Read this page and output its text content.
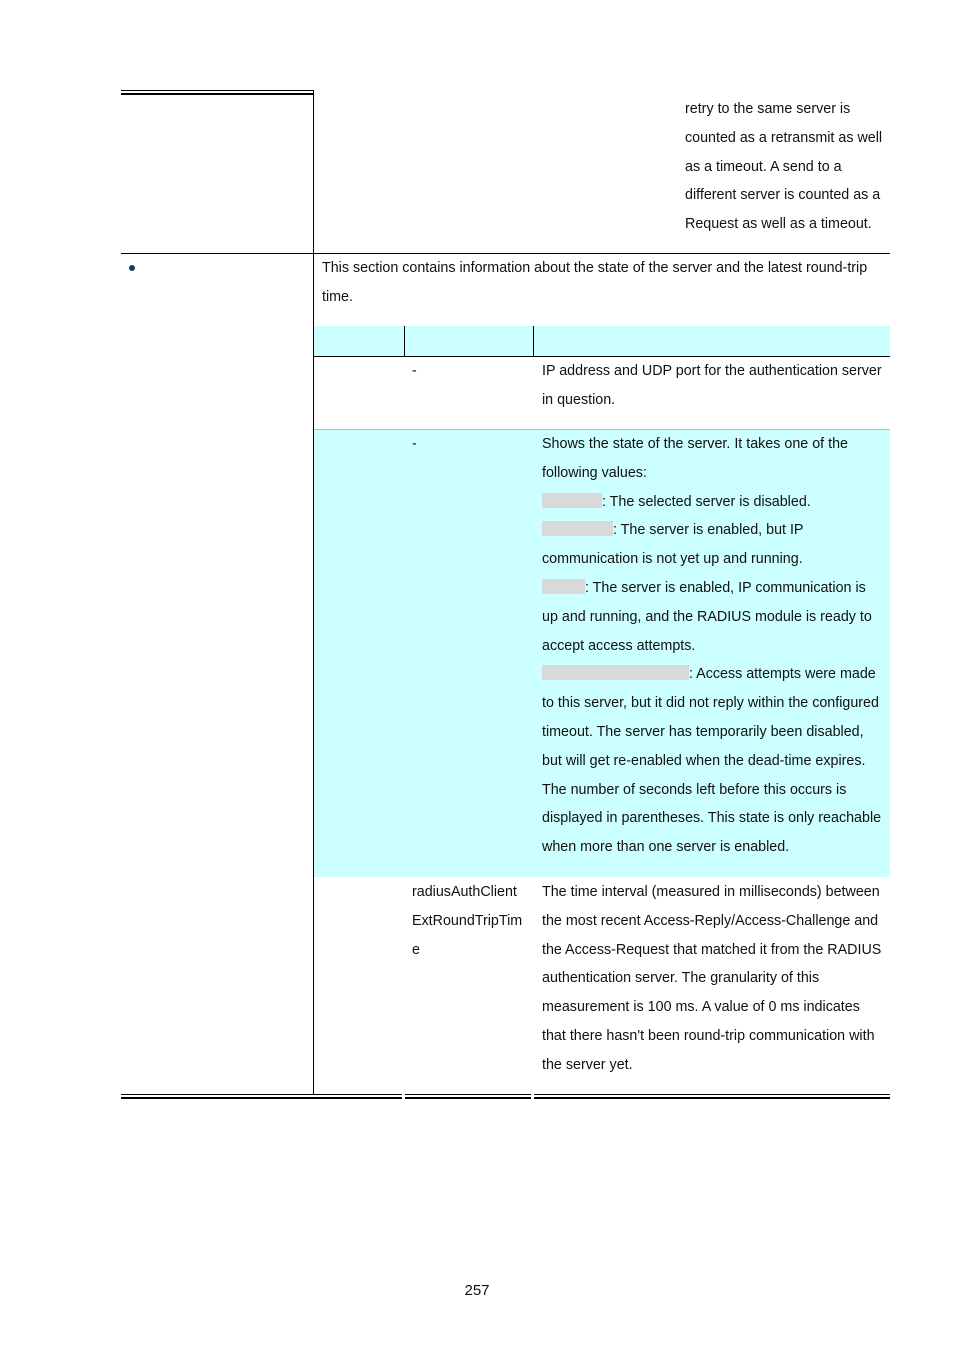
retry to the same server is
counted as a retransmit as well
as a timeout. A send to a
different server is counted as a
Request as well as a timeout.

This section contains information about the state of the server and the latest round-trip
time.

-	IP address and UDP port for the authentication server
in question.

-	Shows the state of the server. It takes one of the
following values:
: The selected server is disabled.
: The server is enabled, but IP
communication is not yet up and running.
: The server is enabled, IP communication is
up and running, and the RADIUS module is ready to
accept access attempts.
: Access attempts were made
to this server, but it did not reply within the configured
timeout. The server has temporarily been disabled,
but will get re-enabled when the dead-time expires.
The number of seconds left before this occurs is
displayed in parentheses. This state is only reachable
when more than one server is enabled.

radiusAuthClient
ExtRoundTripTim
e

The time interval (measured in milliseconds) between
the most recent Access-Reply/Access-Challenge and
the Access-Request that matched it from the RADIUS
authentication server. The granularity of this
measurement is 100 ms. A value of 0 ms indicates
that there hasn't been round-trip communication with
the server yet.

257
